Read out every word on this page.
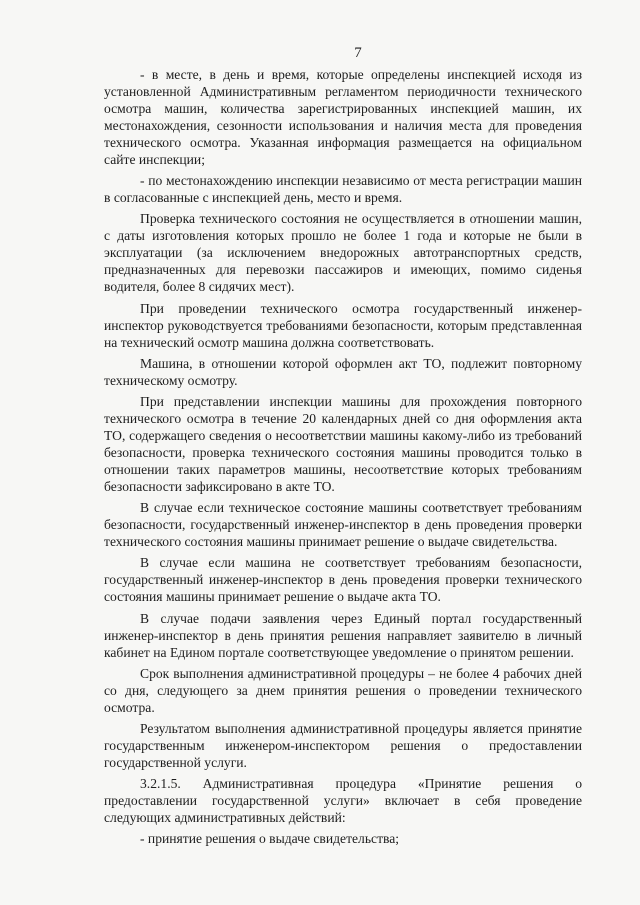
7

- в месте, в день и время, которые определены инспекцией исходя из установленной Административным регламентом периодичности технического осмотра машин, количества зарегистрированных инспекцией машин, их местонахождения, сезонности использования и наличия места для проведения технического осмотра. Указанная информация размещается на официальном сайте инспекции;

- по местонахождению инспекции независимо от места регистрации машин в согласованные с инспекцией день, место и время.

Проверка технического состояния не осуществляется в отношении машин, с даты изготовления которых прошло не более 1 года и которые не были в эксплуатации (за исключением внедорожных автотранспортных средств, предназначенных для перевозки пассажиров и имеющих, помимо сиденья водителя, более 8 сидячих мест).

При проведении технического осмотра государственный инженер-инспектор руководствуется требованиями безопасности, которым представленная на технический осмотр машина должна соответствовать.

Машина, в отношении которой оформлен акт ТО, подлежит повторному техническому осмотру.

При представлении инспекции машины для прохождения повторного технического осмотра в течение 20 календарных дней со дня оформления акта ТО, содержащего сведения о несоответствии машины какому-либо из требований безопасности, проверка технического состояния машины проводится только в отношении таких параметров машины, несоответствие которых требованиям безопасности зафиксировано в акте ТО.

В случае если техническое состояние машины соответствует требованиям безопасности, государственный инженер-инспектор в день проведения проверки технического состояния машины принимает решение о выдаче свидетельства.

В случае если машина не соответствует требованиям безопасности, государственный инженер-инспектор в день проведения проверки технического состояния машины принимает решение о выдаче акта ТО.

В случае подачи заявления через Единый портал государственный инженер-инспектор в день принятия решения направляет заявителю в личный кабинет на Едином портале соответствующее уведомление о принятом решении.

Срок выполнения административной процедуры – не более 4 рабочих дней со дня, следующего за днем принятия решения о проведении технического осмотра.

Результатом выполнения административной процедуры является принятие государственным инженером-инспектором решения о предоставлении государственной услуги.

3.2.1.5. Административная процедура «Принятие решения о предоставлении государственной услуги» включает в себя проведение следующих административных действий:

- принятие решения о выдаче свидетельства;
